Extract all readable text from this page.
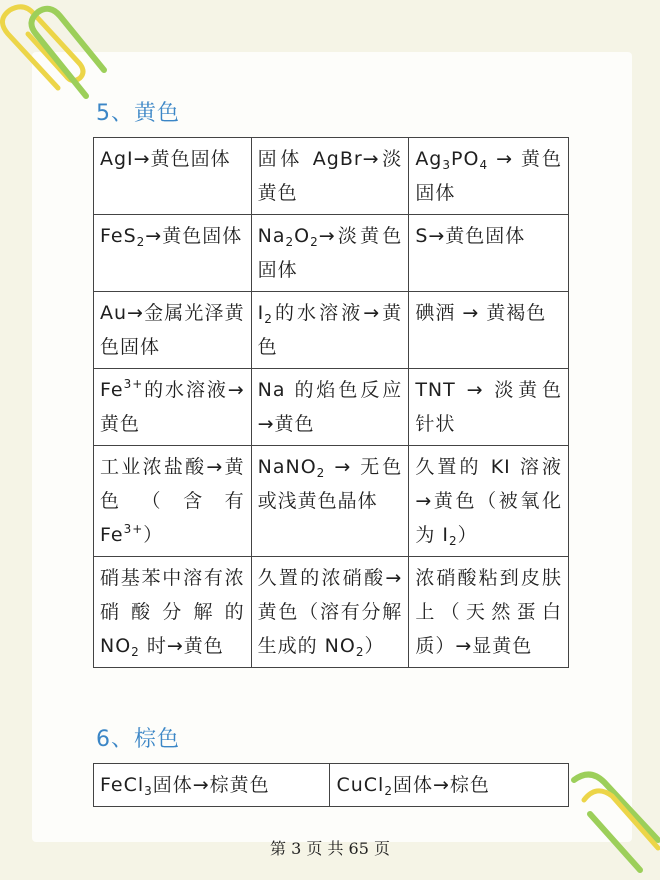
5、黄色
AgI→黄色固体	固体 AgBr→淡黄色	$Ag_3PO_4$ → 黄色固体
FeS$_2$→黄色固体	$Na_2O_2\to$淡黄色固体	S→黄色固体
Au→金属光泽黄色固体	$I_2$的水溶液→黄色	碘酒 → 黄褐色
$Fe^{3+}$的水溶液→黄色	Na 的焰色反应→黄色	TNT → 淡黄色针状
工业浓盐酸→黄色（含有 $Fe^{3+}$）	NaNO$_2$ → 无色或浅黄色晶体	久置的 KI 溶液→黄色（被氧化为 $I_2$）
硝基苯中溶有浓硝酸分解的 $NO_2$ 时→黄色	久置的浓硝酸→黄色（溶有分解生成的 $NO_2$）	浓硝酸粘到皮肤上（天然蛋白质）→显黄色
6、棕色
FeCl$_3$固体→棕黄色	CuCl$_2$固体→棕色
第 3 页 共 65 页
